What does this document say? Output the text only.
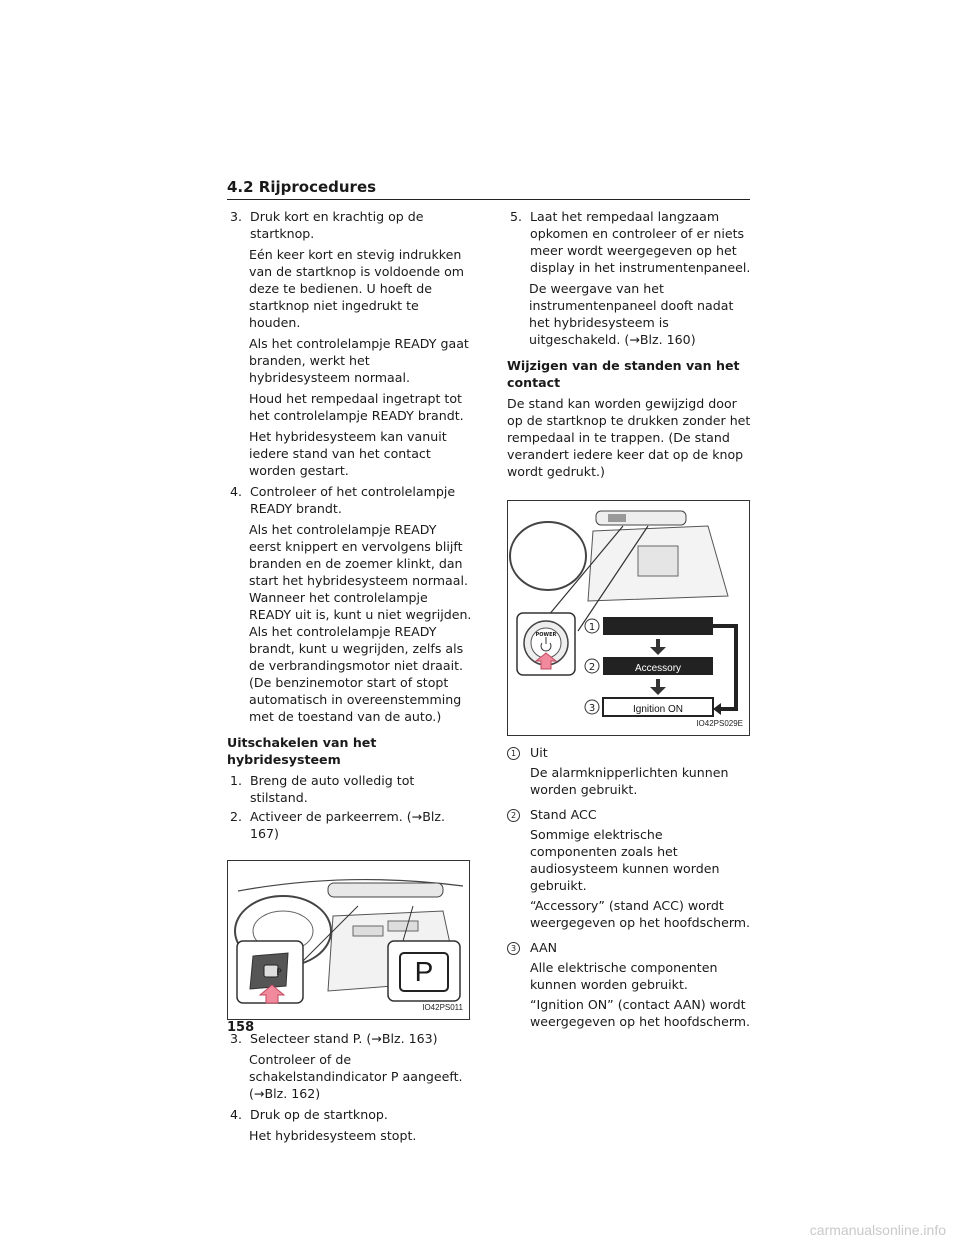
4.2 Rijprocedures
3. Druk kort en krachtig op de startknop.

Eén keer kort en stevig indrukken van de startknop is voldoende om deze te bedienen. U hoeft de startknop niet ingedrukt te houden.

Als het controlelampje READY gaat branden, werkt het hybridesysteem normaal.

Houd het rempedaal ingetrapt tot het controlelampje READY brandt.

Het hybridesysteem kan vanuit iedere stand van het contact worden gestart.

4. Controleer of het controlelampje READY brandt.

Als het controlelampje READY eerst knippert en vervolgens blijft branden en de zoemer klinkt, dan start het hybridesysteem normaal. Wanneer het controlelampje READY uit is, kunt u niet wegrijden. Als het controlelampje READY brandt, kunt u wegrijden, zelfs als de verbrandingsmotor niet draait. (De benzinemotor start of stopt automatisch in overeenstemming met de toestand van de auto.)

Uitschakelen van het hybridesysteem
1. Breng de auto volledig tot stilstand.
2. Activeer de parkeerrem. (→Blz. 167)
P	P
IO42PS011
3. Selecteer stand P. (→Blz. 163)

Controleer of de schakelstandindicator P aangeeft. (→Blz. 162)

4. Druk op de startknop.

Het hybridesysteem stopt.

5. Laat het rempedaal langzaam opkomen en controleer of er niets meer wordt weergegeven op het display in het instrumentenpaneel.

De weergave van het instrumentenpaneel dooft nadat het hybridesysteem is uitgeschakeld. (→Blz. 160)

Wijzigen van de standen van het contact

De stand kan worden gewijzigd door op de startknop te drukken zonder het rempedaal in te trappen. (De stand verandert iedere keer dat op de knop wordt gedrukt.)

POWER
1
2
3
Accessory
Ignition ON
IO42PS029E
1	Uit

De alarmknipperlichten kunnen worden gebruikt.

2	Stand ACC

Sommige elektrische componenten zoals het audiosysteem kunnen worden gebruikt.

“Accessory” (stand ACC) wordt weergegeven op het hoofdscherm.

3	AAN

Alle elektrische componenten kunnen worden gebruikt.

“Ignition ON” (contact AAN) wordt weergegeven op het hoofdscherm.

158
carmanualsonline.info
